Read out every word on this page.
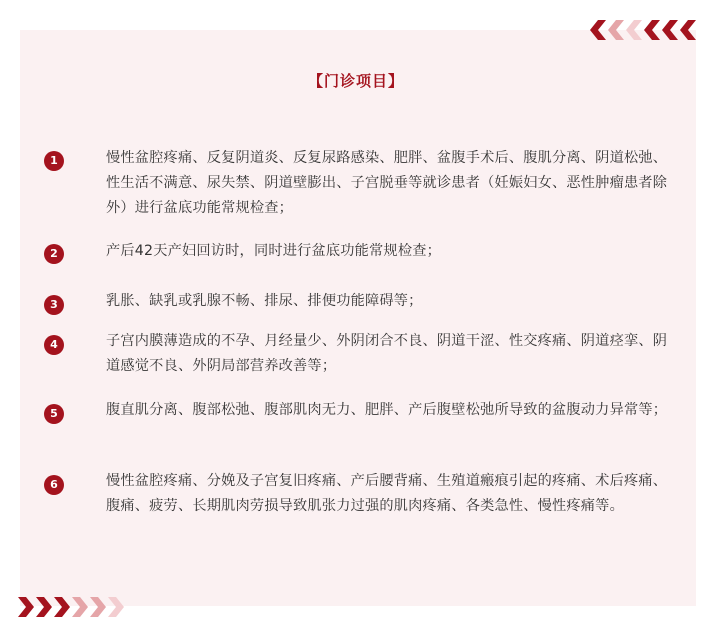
【门诊项目】
1	慢性盆腔疼痛、反复阴道炎、反复尿路感染、肥胖、盆腹手术后、腹肌分离、阴道松弛、性生活不满意、尿失禁、阴道壁膨出、子宫脱垂等就诊患者（妊娠妇女、恶性肿瘤患者除外）进行盆底功能常规检查；
2	产后42天产妇回访时，同时进行盆底功能常规检查；
3	乳胀、缺乳或乳腺不畅、排尿、排便功能障碍等；
4	子宫内膜薄造成的不孕、月经量少、外阴闭合不良、阴道干涩、性交疼痛、阴道痉挛、阴道感觉不良、外阴局部营养改善等；
5	腹直肌分离、腹部松弛、腹部肌肉无力、肥胖、产后腹壁松弛所导致的盆腹动力异常等；
6	慢性盆腔疼痛、分娩及子宫复旧疼痛、产后腰背痛、生殖道瘢痕引起的疼痛、术后疼痛、腹痛、疲劳、长期肌肉劳损导致肌张力过强的肌肉疼痛、各类急性、慢性疼痛等。
